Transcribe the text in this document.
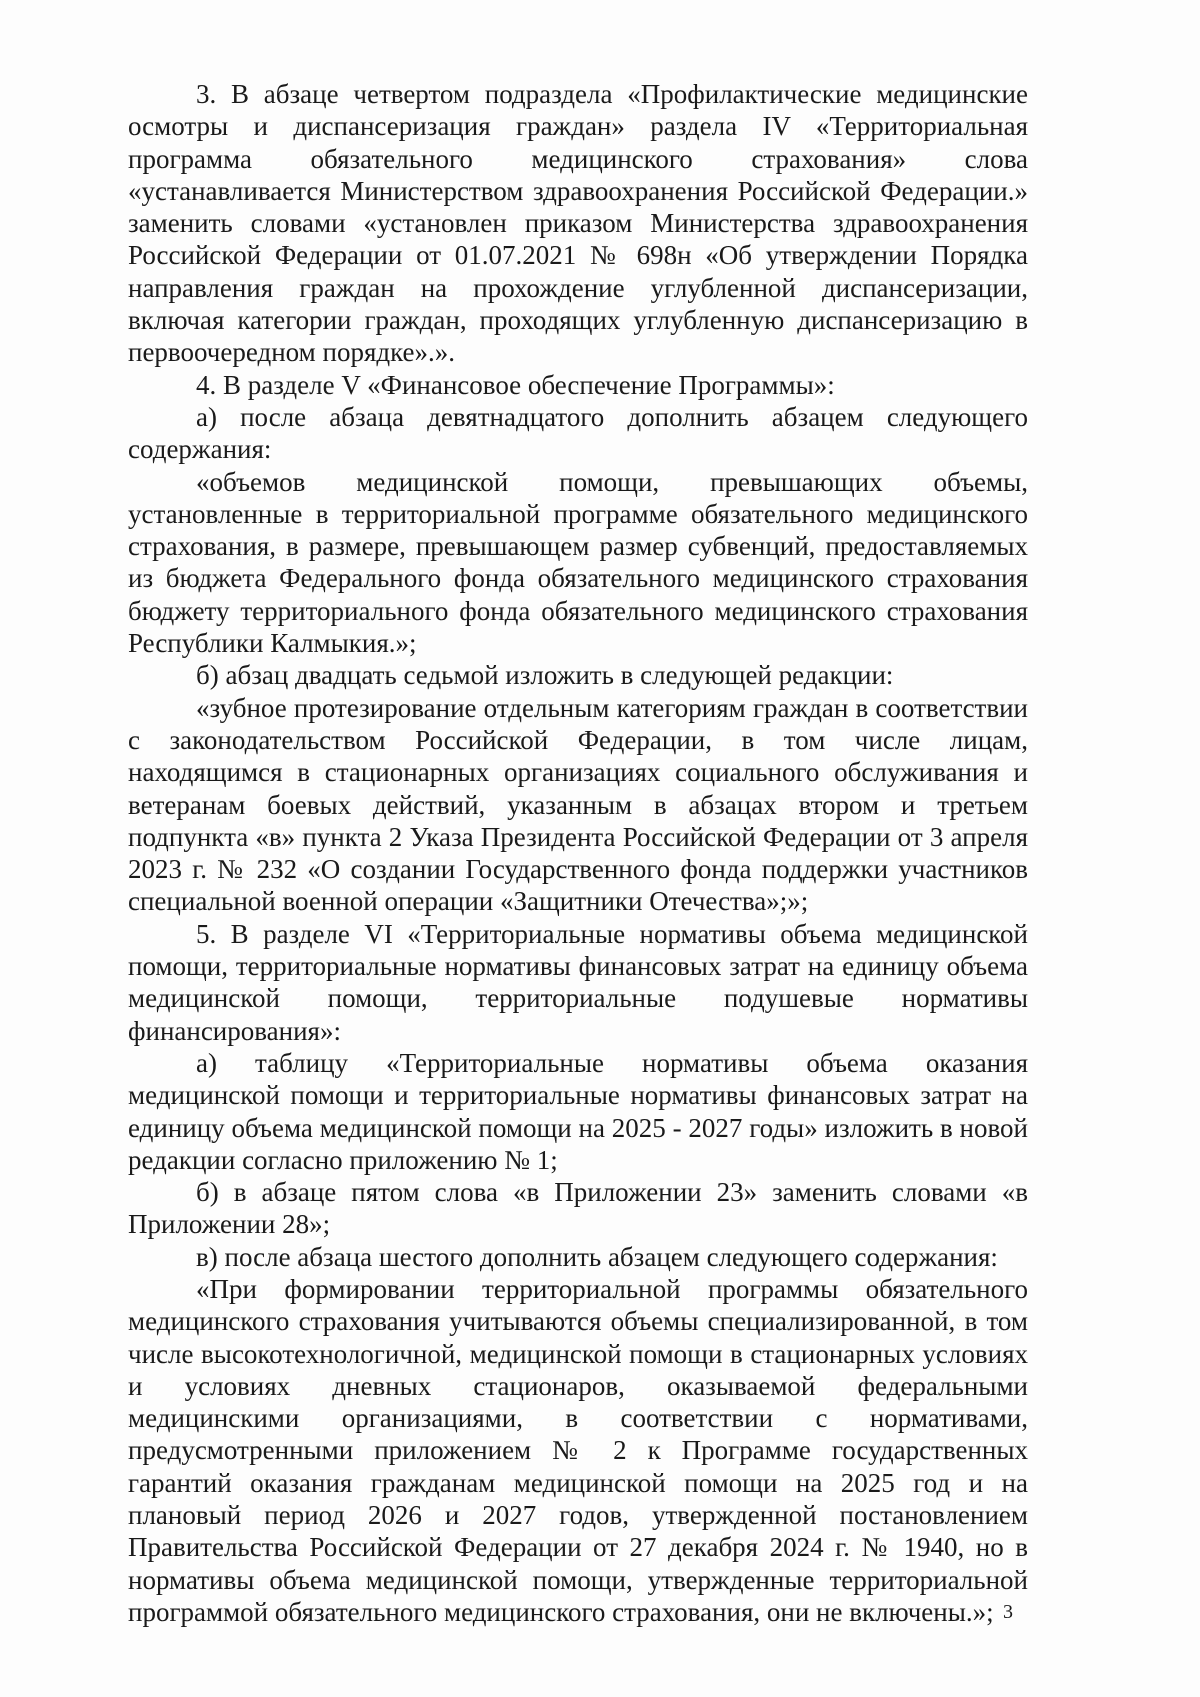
3. В абзаце четвертом подраздела «Профилактические медицинские осмотры и диспансеризация граждан» раздела IV «Территориальная программа обязательного медицинского страхования» слова «устанавливается Министерством здравоохранения Российской Федерации.» заменить словами «установлен приказом Министерства здравоохранения Российской Федерации от 01.07.2021 № 698н «Об утверждении Порядка направления граждан на прохождение углубленной диспансеризации, включая категории граждан, проходящих углубленную диспансеризацию в первоочередном порядке».».

4. В разделе V «Финансовое обеспечение Программы»:

а) после абзаца девятнадцатого дополнить абзацем следующего содержания:

«объемов медицинской помощи, превышающих объемы, установленные в территориальной программе обязательного медицинского страхования, в размере, превышающем размер субвенций, предоставляемых из бюджета Федерального фонда обязательного медицинского страхования бюджету территориального фонда обязательного медицинского страхования Республики Калмыкия.»;

б) абзац двадцать седьмой изложить в следующей редакции:

«зубное протезирование отдельным категориям граждан в соответствии с законодательством Российской Федерации, в том числе лицам, находящимся в стационарных организациях социального обслуживания и ветеранам боевых действий, указанным в абзацах втором и третьем подпункта «в» пункта 2 Указа Президента Российской Федерации от 3 апреля 2023 г. № 232 «О создании Государственного фонда поддержки участников специальной военной операции «Защитники Отечества»;»;

5. В разделе VI «Территориальные нормативы объема медицинской помощи, территориальные нормативы финансовых затрат на единицу объема медицинской помощи, территориальные подушевые нормативы финансирования»:

а) таблицу «Территориальные нормативы объема оказания медицинской помощи и территориальные нормативы финансовых затрат на единицу объема медицинской помощи на 2025 - 2027 годы» изложить в новой редакции согласно приложению № 1;

б) в абзаце пятом слова «в Приложении 23» заменить словами «в Приложении 28»;

в) после абзаца шестого дополнить абзацем следующего содержания:

«При формировании территориальной программы обязательного медицинского страхования учитываются объемы специализированной, в том числе высокотехнологичной, медицинской помощи в стационарных условиях и условиях дневных стационаров, оказываемой федеральными медицинскими организациями, в соответствии с нормативами, предусмотренными приложением № 2 к Программе государственных гарантий оказания гражданам медицинской помощи на 2025 год и на плановый период 2026 и 2027 годов, утвержденной постановлением Правительства Российской Федерации от 27 декабря 2024 г. № 1940, но в нормативы объема медицинской помощи, утвержденные территориальной программой обязательного медицинского страхования, они не включены.»; 3
